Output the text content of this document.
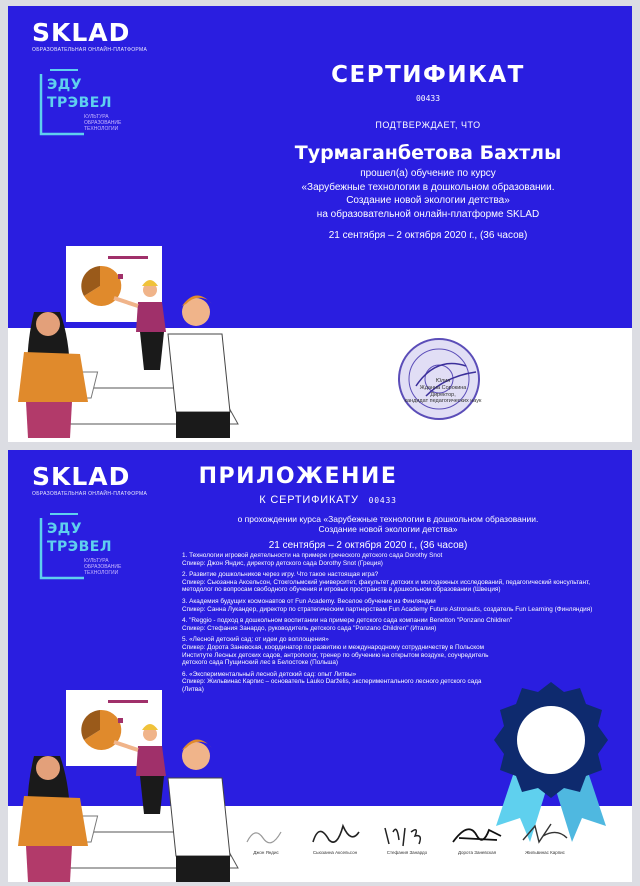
SKLAD
ОБРАЗОВАТЕЛЬНАЯ ОНЛАЙН-ПЛАТФОРМА
ЭДУ
ТРЭВЕЛ
КУЛЬТУРА ОБРАЗОВАНИЕ ТЕХНОЛОГИИ
СЕРТИФИКАТ
00433
ПОДТВЕРЖДАЕТ, ЧТО
Турмаганбетова Бахтлы
прошел(а) обучение по курсу
«Зарубежные технологии в дошкольном образовании.
Создание новой экологии детства»
на образовательной онлайн-платформе SKLAD
21 сентября – 2 октября 2020 г., (36 часов)
Юлия
Жданна Сорокина
Директор,
кандидат педагогических наук
SKLAD
ОБРАЗОВАТЕЛЬНАЯ ОНЛАЙН-ПЛАТФОРМА
ЭДУ
ТРЭВЕЛ
КУЛЬТУРА ОБРАЗОВАНИЕ ТЕХНОЛОГИИ
ПРИЛОЖЕНИЕ
К СЕРТИФИКАТУ 00433
о прохождении курса «Зарубежные технологии в дошкольном образовании.
Создание новой экологии детства»
21 сентября – 2 октября 2020 г., (36 часов)
1. Технологии игровой деятельности на примере греческого детского сада Dorothy Snot
Спикер: Джон Яндис, директор детского сада Dorothy Snot (Греция)
2. Развитие дошкольников через игру. Что такое настоящая игра?
Спикер: Сьюзанна Аксельсон, Стокгольмский университет, факультет детских и молодежных исследований, педагогический консультант, методолог по вопросам свободного обучения и игровых пространств в дошкольном образовании (Швеция)
3. Академия будущих космонавтов от Fun Academy. Веселое обучение из Финляндии
Спикер: Санна Лукандер, директор по стратегическим партнерствам Fun Academy Future Astronauts, создатель Fun Learning (Финляндия)
4. "Reggio - подход в дошкольном воспитании на примере детского сада компании Benetton "Ponzano Children"
Спикер: Стефания Занардо, руководитель детского сада "Ponzano Children" (Италия)
5. «Лесной детский сад: от идеи до воплощения»
Спикер: Дорота Заневская, координатор по развитию и международному сотрудничеству в Польском Институте Лесных детских садов, антрополог, тренер по обучению на открытом воздухе, соучредитель детского сада Пущинский лес в Белостоке (Польша)
6. «Экспериментальный лесной детский сад: опыт Литвы»
Спикер: Жильвинас Карпис – основатель Lauko Darželis, экспериментального лесного детского сада (Литва)
Джон Яндис	Сьюзанна Аксельсон	Стефания Занардо	Дорота Заневская	Жильвинас Карпис
